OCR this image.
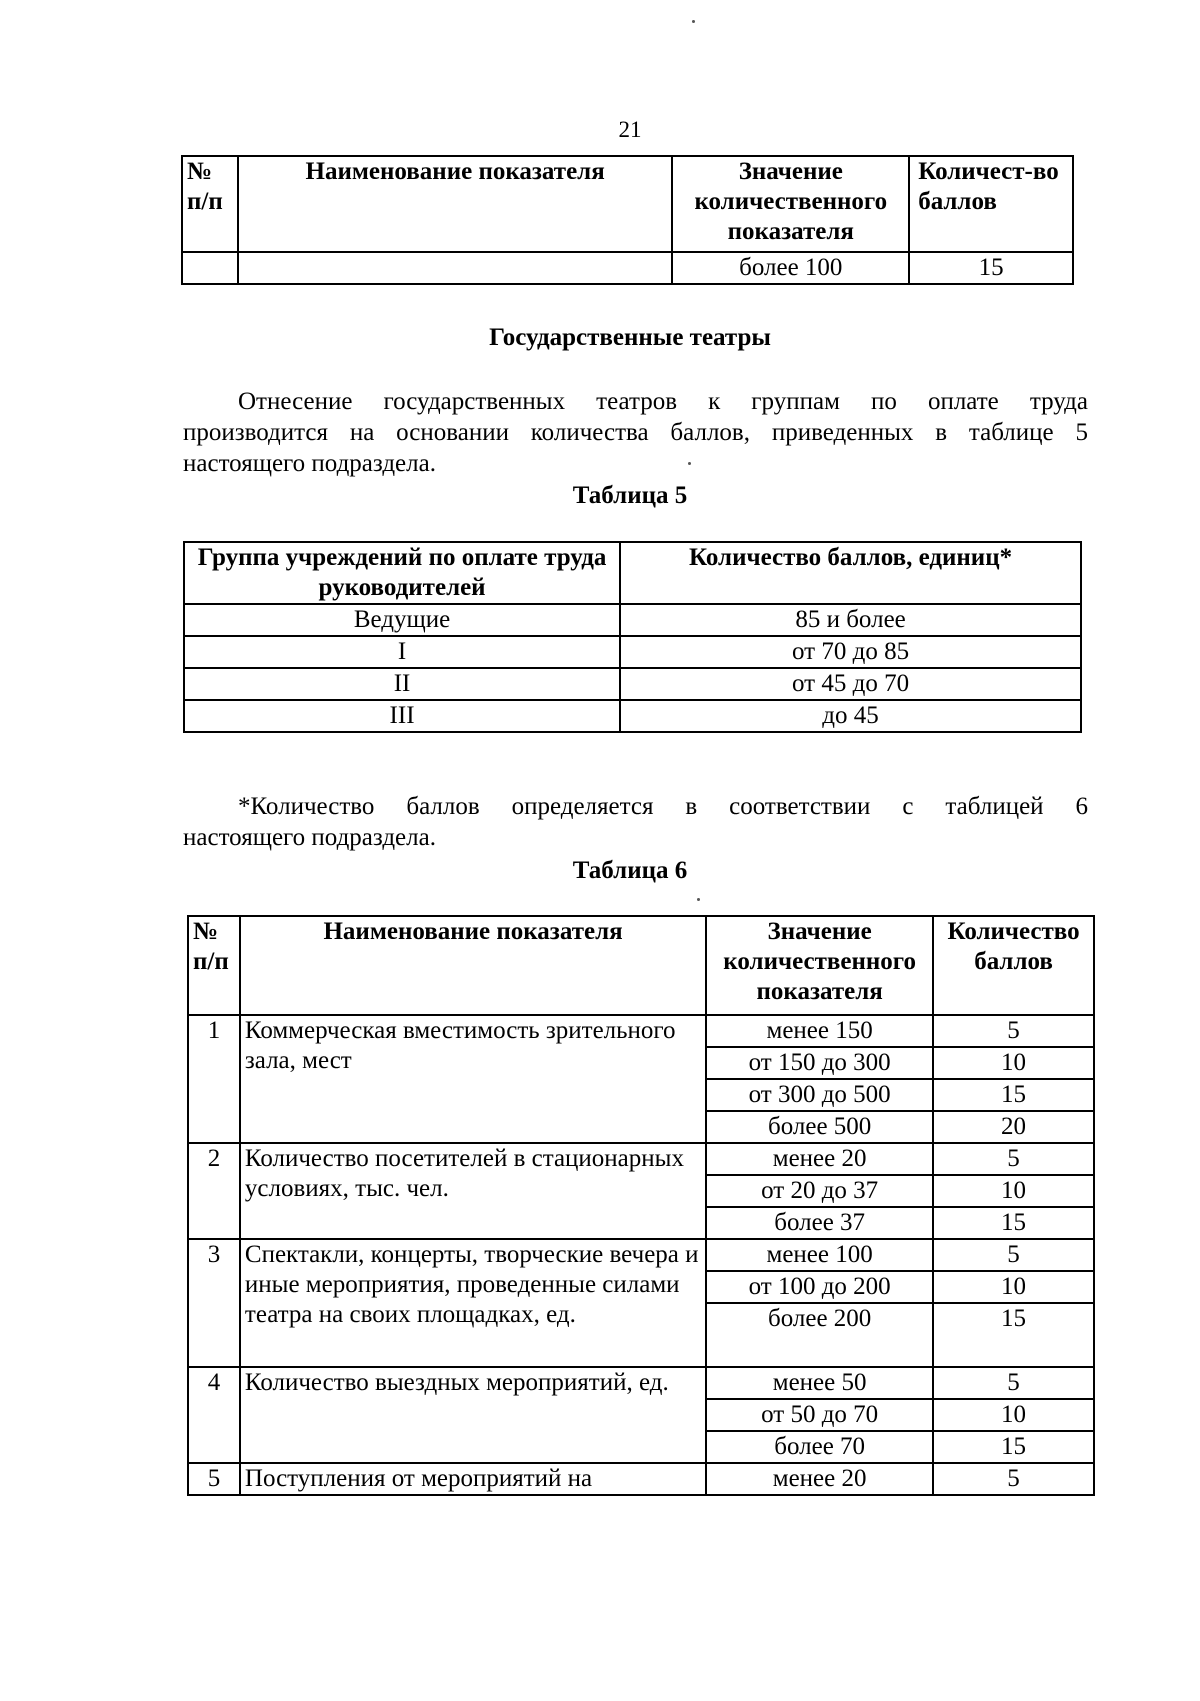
21
№ п/п	Наименование показателя	Значение количественного показателя	Количест-во баллов
		более 100	15
Государственные театры
Отнесение государственных театров к группам по оплате труда
производится на основании количества баллов, приведенных в таблице 5 настоящего подраздела.
Таблица 5
Группа учреждений по оплате труда руководителей	Количество баллов, единиц*
Ведущие	85 и более
I	от 70 до 85
II	от 45 до 70
III	до 45
*Количество баллов определяется в соответствии с таблицей 6
настоящего подраздела.
Таблица 6
№ п/п	Наименование показателя	Значение количественного показателя	Количество баллов
1	Коммерческая вместимость зрительного зала, мест	менее 150	5
		от 150 до 300	10
		от 300 до 500	15
		более 500	20
2	Количество посетителей в стационарных условиях, тыс. чел.	менее 20	5
		от 20 до 37	10
		более 37	15
3	Спектакли, концерты, творческие вечера и иные мероприятия, проведенные силами театра на своих площадках, ед.	менее 100	5
		от 100 до 200	10
		более 200	15
4	Количество выездных мероприятий, ед.	менее 50	5
		от 50 до 70	10
		более 70	15
5	Поступления от мероприятий на	менее 20	5
